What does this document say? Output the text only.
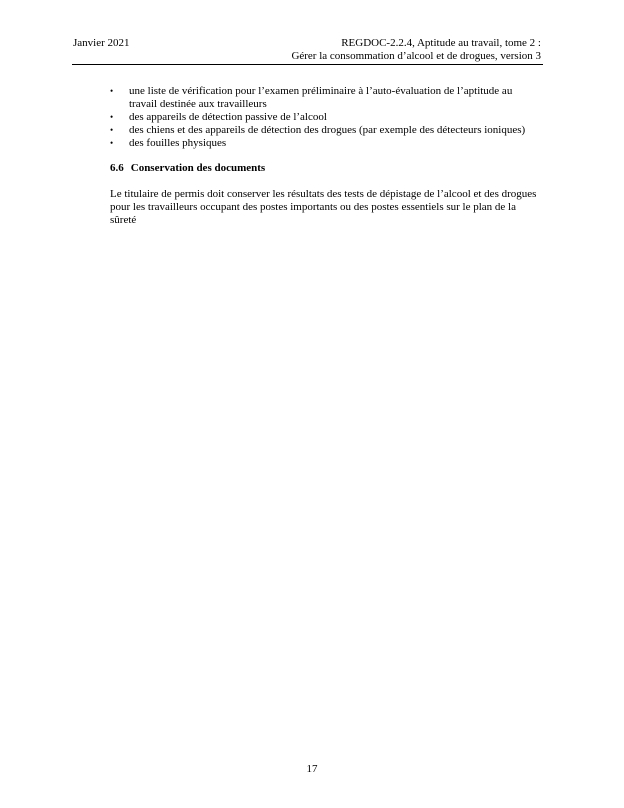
Janvier 2021	REGDOC-2.2.4, Aptitude au travail, tome 2 :
Gérer la consommation d’alcool et de drogues, version 3
• une liste de vérification pour l’examen préliminaire à l’auto-évaluation de l’aptitude au travail destinée aux travailleurs
• des appareils de détection passive de l’alcool
• des chiens et des appareils de détection des drogues (par exemple des détecteurs ioniques)
• des fouilles physiques
6.6 Conservation des documents

Le titulaire de permis doit conserver les résultats des tests de dépistage de l’alcool et des drogues pour les travailleurs occupant des postes importants ou des postes essentiels sur le plan de la sûreté

17
